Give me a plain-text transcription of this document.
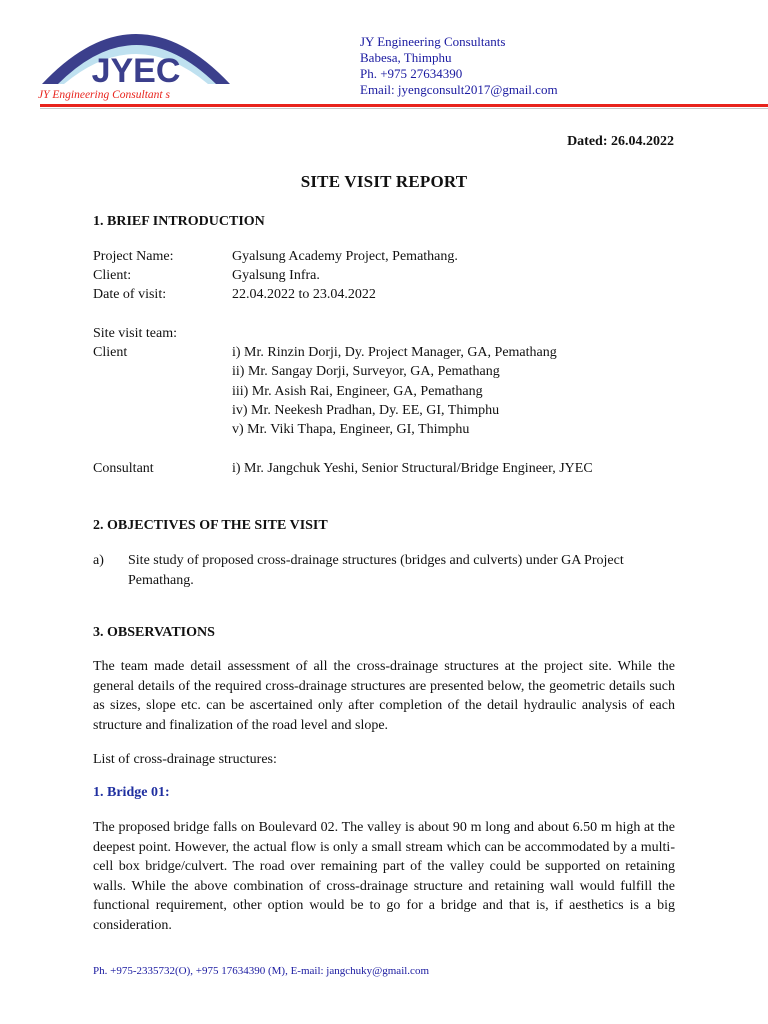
JYEC
JY Engineering Consultant s
JY Engineering Consultants
Babesa, Thimphu
Ph. +975 27634390
Email: jyengconsult2017@gmail.com
Dated: 26.04.2022
SITE VISIT REPORT
1. BRIEF INTRODUCTION
Project Name:	Gyalsung Academy Project, Pemathang.
Client:	Gyalsung Infra.
Date of visit:	22.04.2022 to 23.04.2022
Site visit team:
Client	i) Mr. Rinzin Dorji, Dy. Project Manager, GA, Pemathang
ii) Mr. Sangay Dorji, Surveyor, GA, Pemathang
iii) Mr. Asish Rai, Engineer, GA, Pemathang
iv) Mr. Neekesh Pradhan, Dy. EE, GI, Thimphu
v) Mr. Viki Thapa, Engineer, GI, Thimphu
Consultant	i) Mr. Jangchuk Yeshi, Senior Structural/Bridge Engineer, JYEC
2. OBJECTIVES OF THE SITE VISIT
a) Site study of proposed cross-drainage structures (bridges and culverts) under GA Project
Pemathang.
3. OBSERVATIONS
The team made detail assessment of all the cross-drainage structures at the project site. While the general details of the required cross-drainage structures are presented below, the geometric details such as sizes, slope etc. can be ascertained only after completion of the detail hydraulic analysis of each structure and finalization of the road level and slope.
List of cross-drainage structures:
1. Bridge 01:
The proposed bridge falls on Boulevard 02. The valley is about 90 m long and about 6.50 m high at the deepest point. However, the actual flow is only a small stream which can be accommodated by a multi-cell box bridge/culvert. The road over remaining part of the valley could be supported on retaining walls. While the above combination of cross-drainage structure and retaining wall would fulfill the functional requirement, other option would be to go for a bridge and that is, if aesthetics is a big consideration.
Ph. +975-2335732(O), +975 17634390 (M), E-mail: jangchuky@gmail.com
